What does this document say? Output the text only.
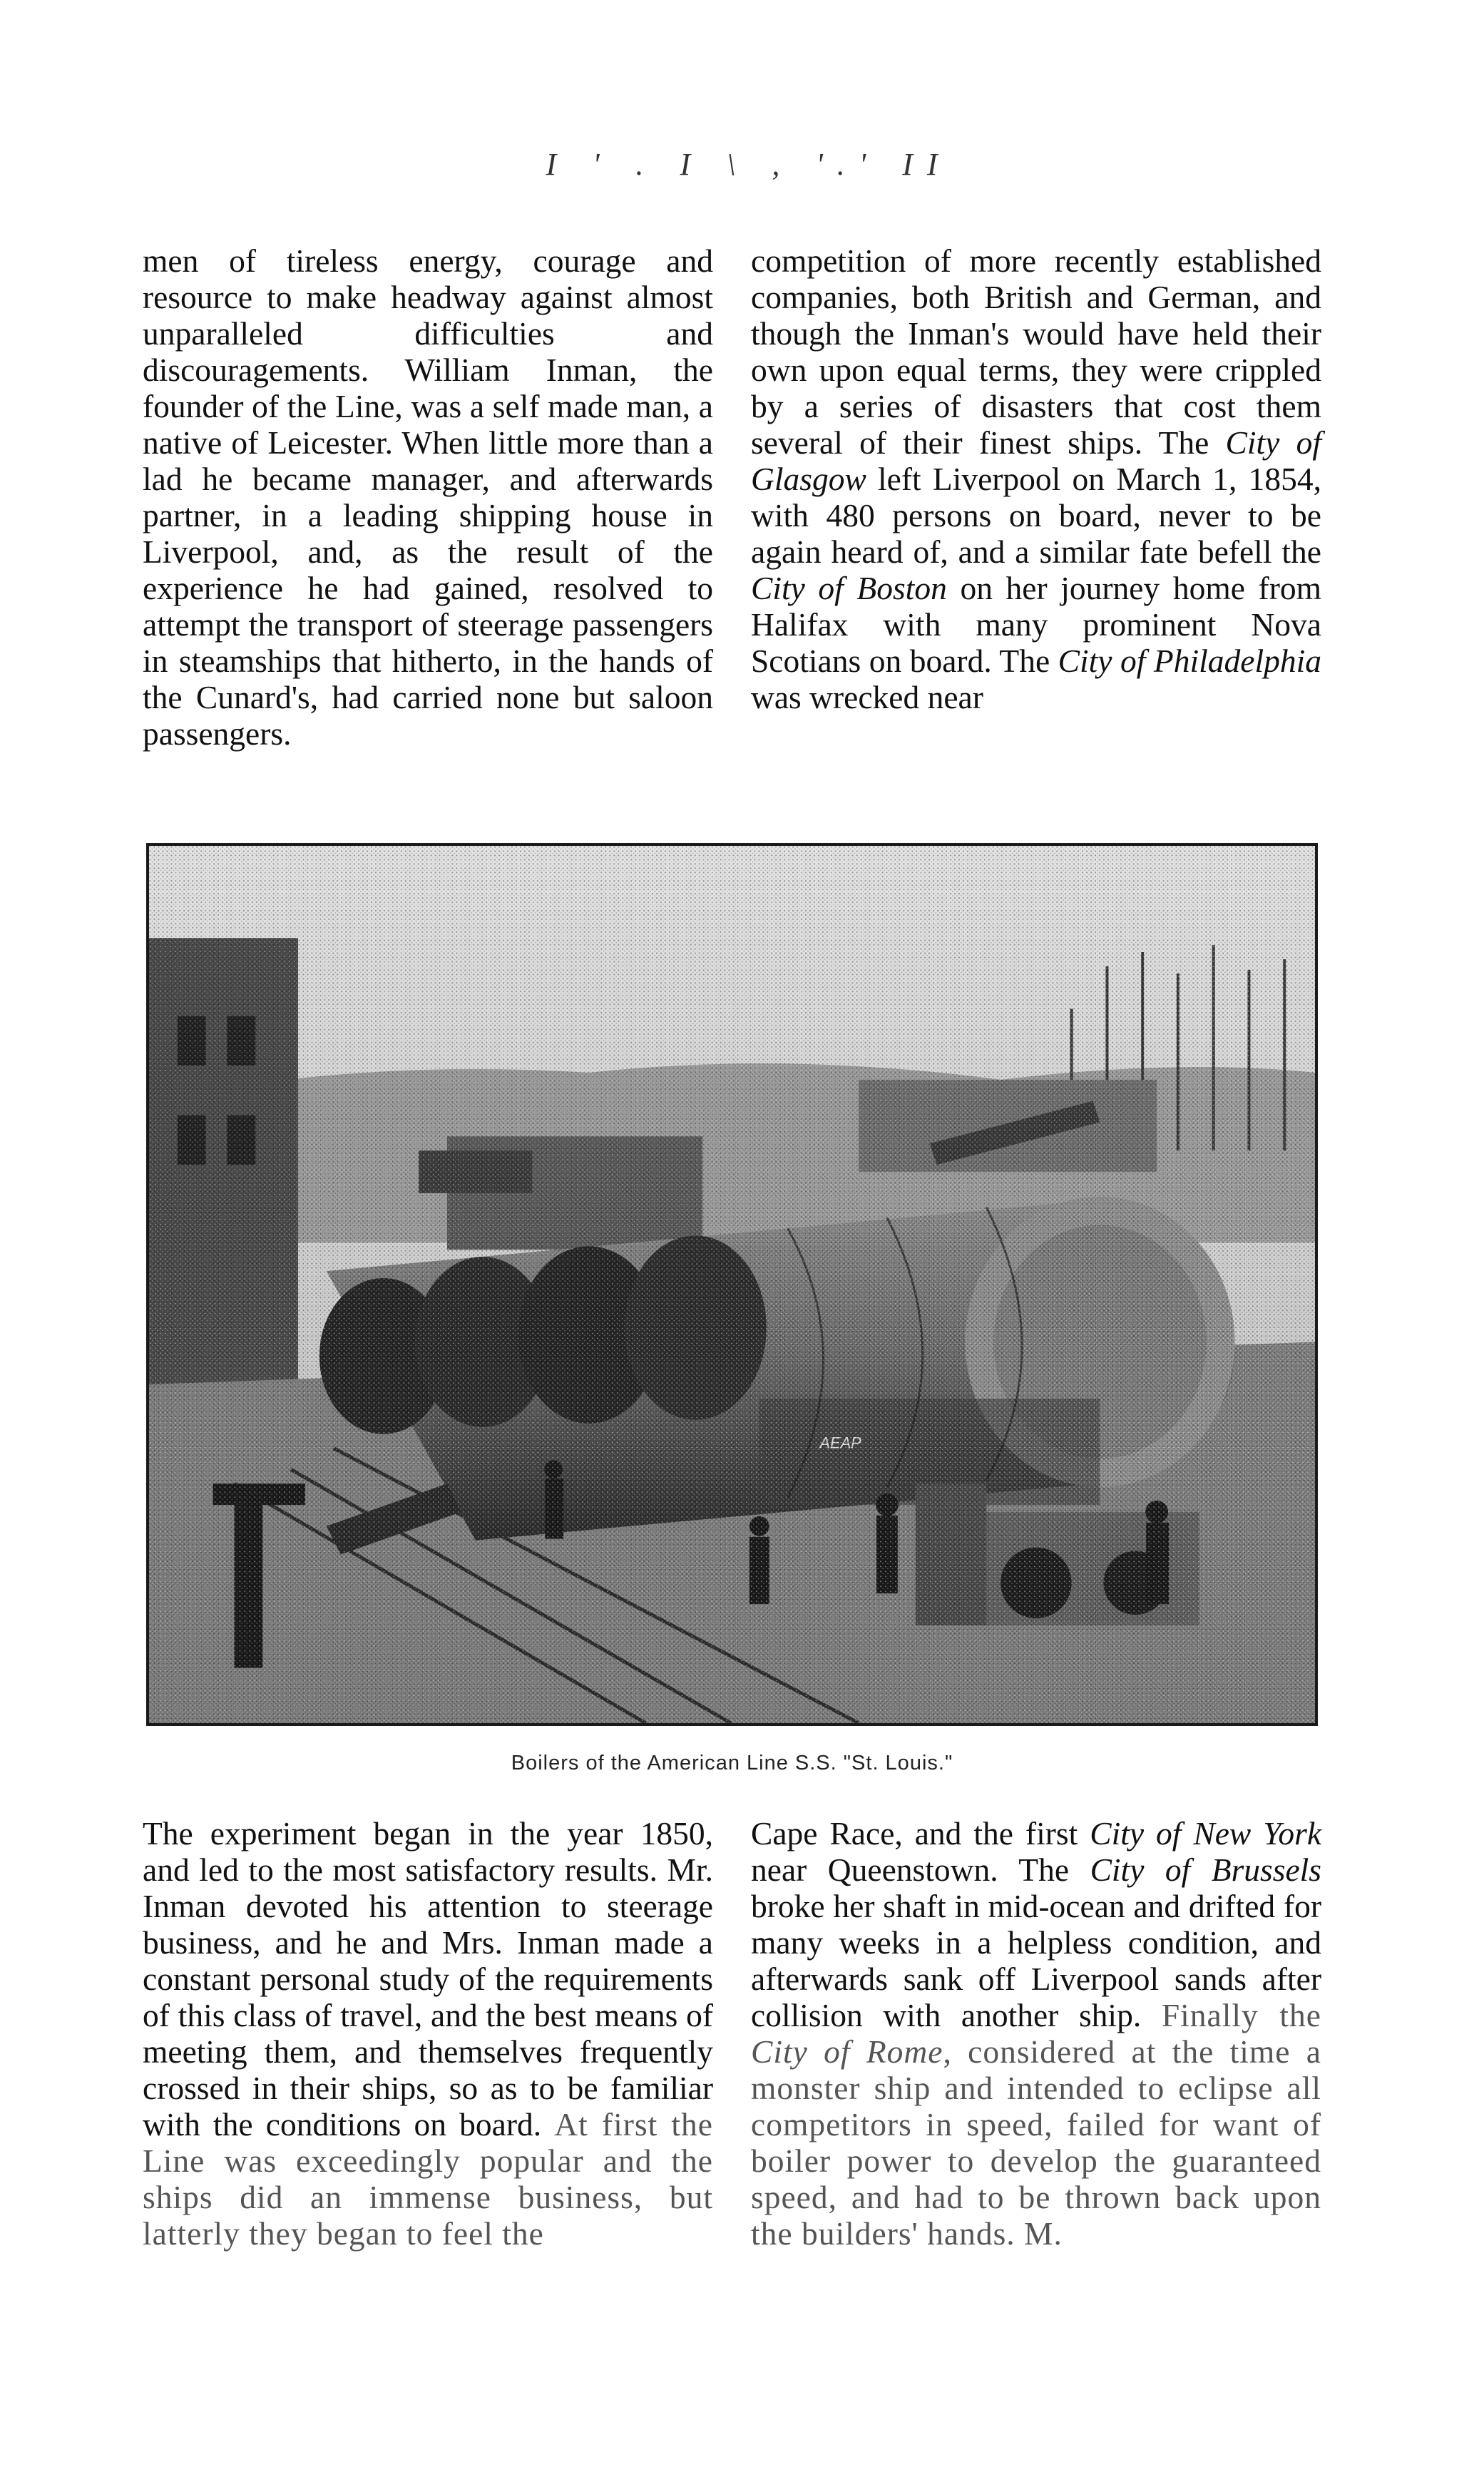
I ' . I \ , '.' II

men of tireless energy, courage and resource to make headway against almost unparalleled difficulties and discouragements. William Inman, the founder of the Line, was a self made man, a native of Leicester. When little more than a lad he became manager, and afterwards partner, in a leading shipping house in Liverpool, and, as the result of the experience he had gained, resolved to attempt the transport of steerage passengers in steamships that hitherto, in the hands of the Cunard's, had carried none but saloon passengers.

competition of more recently established companies, both British and German, and though the Inman's would have held their own upon equal terms, they were crippled by a series of disasters that cost them several of their finest ships. The City of Glasgow left Liverpool on March 1, 1854, with 480 persons on board, never to be again heard of, and a similar fate befell the City of Boston on her journey home from Halifax with many prominent Nova Scotians on board. The City of Philadelphia was wrecked near

Boilers of the American Line S.S. "St. Louis."

The experiment began in the year 1850, and led to the most satisfactory results. Mr. Inman devoted his attention to steerage business, and he and Mrs. Inman made a constant personal study of the requirements of this class of travel, and the best means of meeting them, and themselves frequently crossed in their ships, so as to be familiar with the conditions on board. At first the Line was exceedingly popular and the ships did an immense business, but latterly they began to feel the

Cape Race, and the first City of New York near Queenstown. The City of Brussels broke her shaft in mid-ocean and drifted for many weeks in a helpless condition, and afterwards sank off Liverpool sands after collision with another ship. Finally the City of Rome, considered at the time a monster ship and intended to eclipse all competitors in speed, failed for want of boiler power to develop the guaranteed speed, and had to be thrown back upon the builders' hands. M.
